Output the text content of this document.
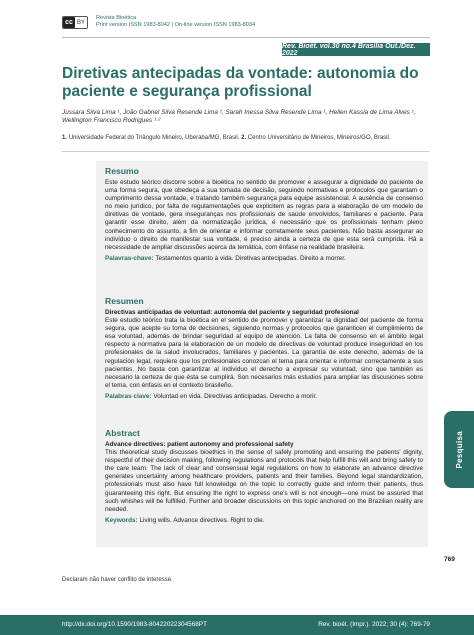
cc BY
Revista Bioética
Print version ISSN 1983-8042 | On-line version ISSN 1983-8034
Rev. Bioét. vol.30 no.4 Brasília Out./Dez. 2022
Diretivas antecipadas da vontade: autonomia do paciente e segurança profissional
Jussara Silva Lima ¹, João Gabriel Silva Resende Lima ¹, Sarah Inessa Silva Resende Lima ¹, Hellen Kassia de Lima Alves ¹, Wellington Francisco Rodrigues ¹·²
1. Universidade Federal do Triângulo Mineiro, Uberaba/MG, Brasil. 2. Centro Universitário de Mineiros, Mineiros/GO, Brasil.
Resumo

Este estudo teórico discorre sobre a bioética no sentido de promover e assegurar a dignidade do paciente de uma forma segura, que obedeça a sua tomada de decisão, seguindo normativas e protocolos que garantam o cumprimento dessa vontade, e tratando também segurança para equipe assistencial. A ausência de consenso no meio jurídico, por falta de regulamentações que explicitem as regras para a elaboração de um modelo de diretivas de vontade, gera inseguranças nos profissionais de saúde envolvidos, familiares e paciente. Para garantir esse direito, além da normatização jurídica, é necessário que os profissionais tenham pleno conhecimento do assunto, a fim de orientar e informar corretamente seus pacientes. Não basta assegurar ao indivíduo o direito de manifestar sua vontade, é preciso ainda a certeza de que esta será cumprida. Há a necessidade de ampliar discussões acerca da temática, com ênfase na realidade brasileira.

Palavras-chave: Testamentos quanto à vida. Diretivas antecipadas. Direito a morrer.
Resumen

Directivas anticipadas de voluntad: autonomía del paciente y seguridad profesional

Este estudio teórico trata la bioética en el sentido de promover y garantizar la dignidad del paciente de forma segura, que acepte su toma de decisiones, siguiendo normas y protocolos que garanticen el cumplimiento de esa voluntad, además de brindar seguridad al equipo de atención. La falta de consenso en el ámbito legal respecto a normativa para la elaboración de un modelo de directivas de voluntad produce inseguridad en los profesionales de la salud involucrados, familiares y pacientes. La garantía de este derecho, además de la regulación legal, requiere que los profesionales conozcan el tema para orientar e informar correctamente a sus pacientes. No basta con garantizar al individuo el derecho a expresar su voluntad, sino que también es necesario la certeza de que ésta se cumplirá. Son necesarios más estudios para ampliar las discusiones sobre el tema, con énfasis en el contexto brasileño.

Palabras clave: Voluntad en vida. Directivas anticipadas. Derecho a morir.
Abstract

Advance directives: patient autonomy and professional safety

This theoretical study discusses bioethics in the sense of safely promoting and ensuring the patients' dignity, respectful of their decision making, following regulations and protocols that help fulfill this will and bring safety to the care team. The lack of clear and consensual legal regulations on how to elaborate an advance directive generates uncertainty among healthcare providers, patients and their families. Beyond legal standardization, professionals must also have full knowledge on the topic to correctly guide and inform their patients, thus guaranteeing this right. But ensuring the right to express one's will is not enough—one must be assured that such whishes will be fulfilled. Further and broader discussions on this topic anchored on the Brazilian reality are needed.

Keywords: Living wills. Advance directives. Right to die.
Pesquisa
769
Declaram não haver conflito de interesse.
http://dx.doi.org/10.1590/1983-80422022304568PT	Rev. bioét. (Impr.). 2022; 30 (4): 769-79
